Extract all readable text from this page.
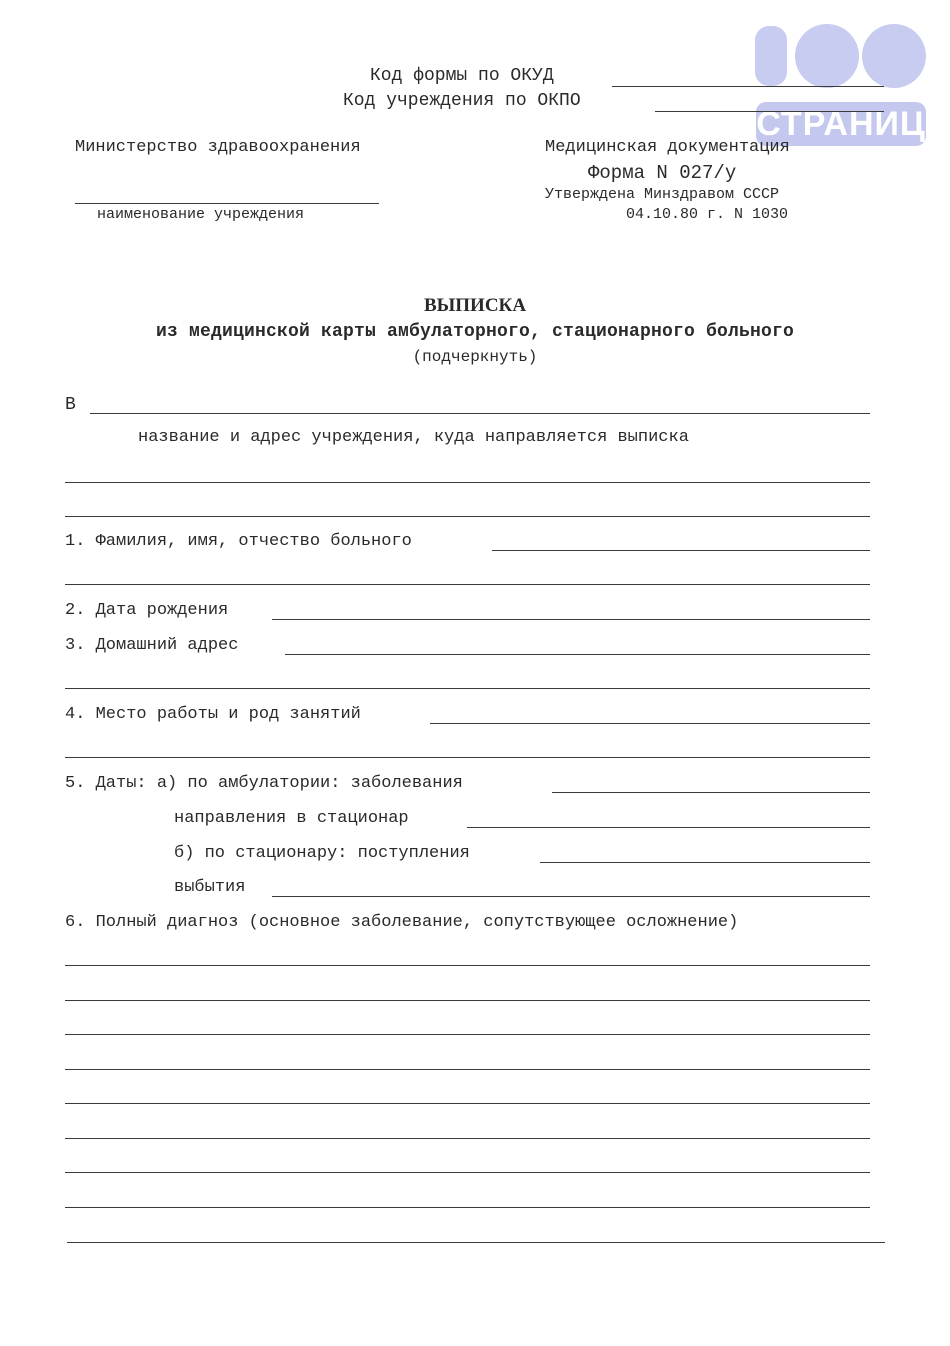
СТРАНИЦ
Код формы по ОКУД
Код учреждения по ОКПО
Министерство здравоохранения
наименование учреждения
Медицинская документация
Форма N 027/у
Утверждена Минздравом СССР
04.10.80 г. N 1030
ВЫПИСКА
из медицинской карты амбулаторного, стационарного больного
(подчеркнуть)
В
название и адрес учреждения, куда направляется выписка
1. Фамилия, имя, отчество больного
2. Дата рождения
3. Домашний адрес
4. Место работы и род занятий
5. Даты: а) по амбулатории: заболевания
направления в стационар
б) по стационару: поступления
выбытия
6. Полный диагноз (основное заболевание, сопутствующее осложнение)
